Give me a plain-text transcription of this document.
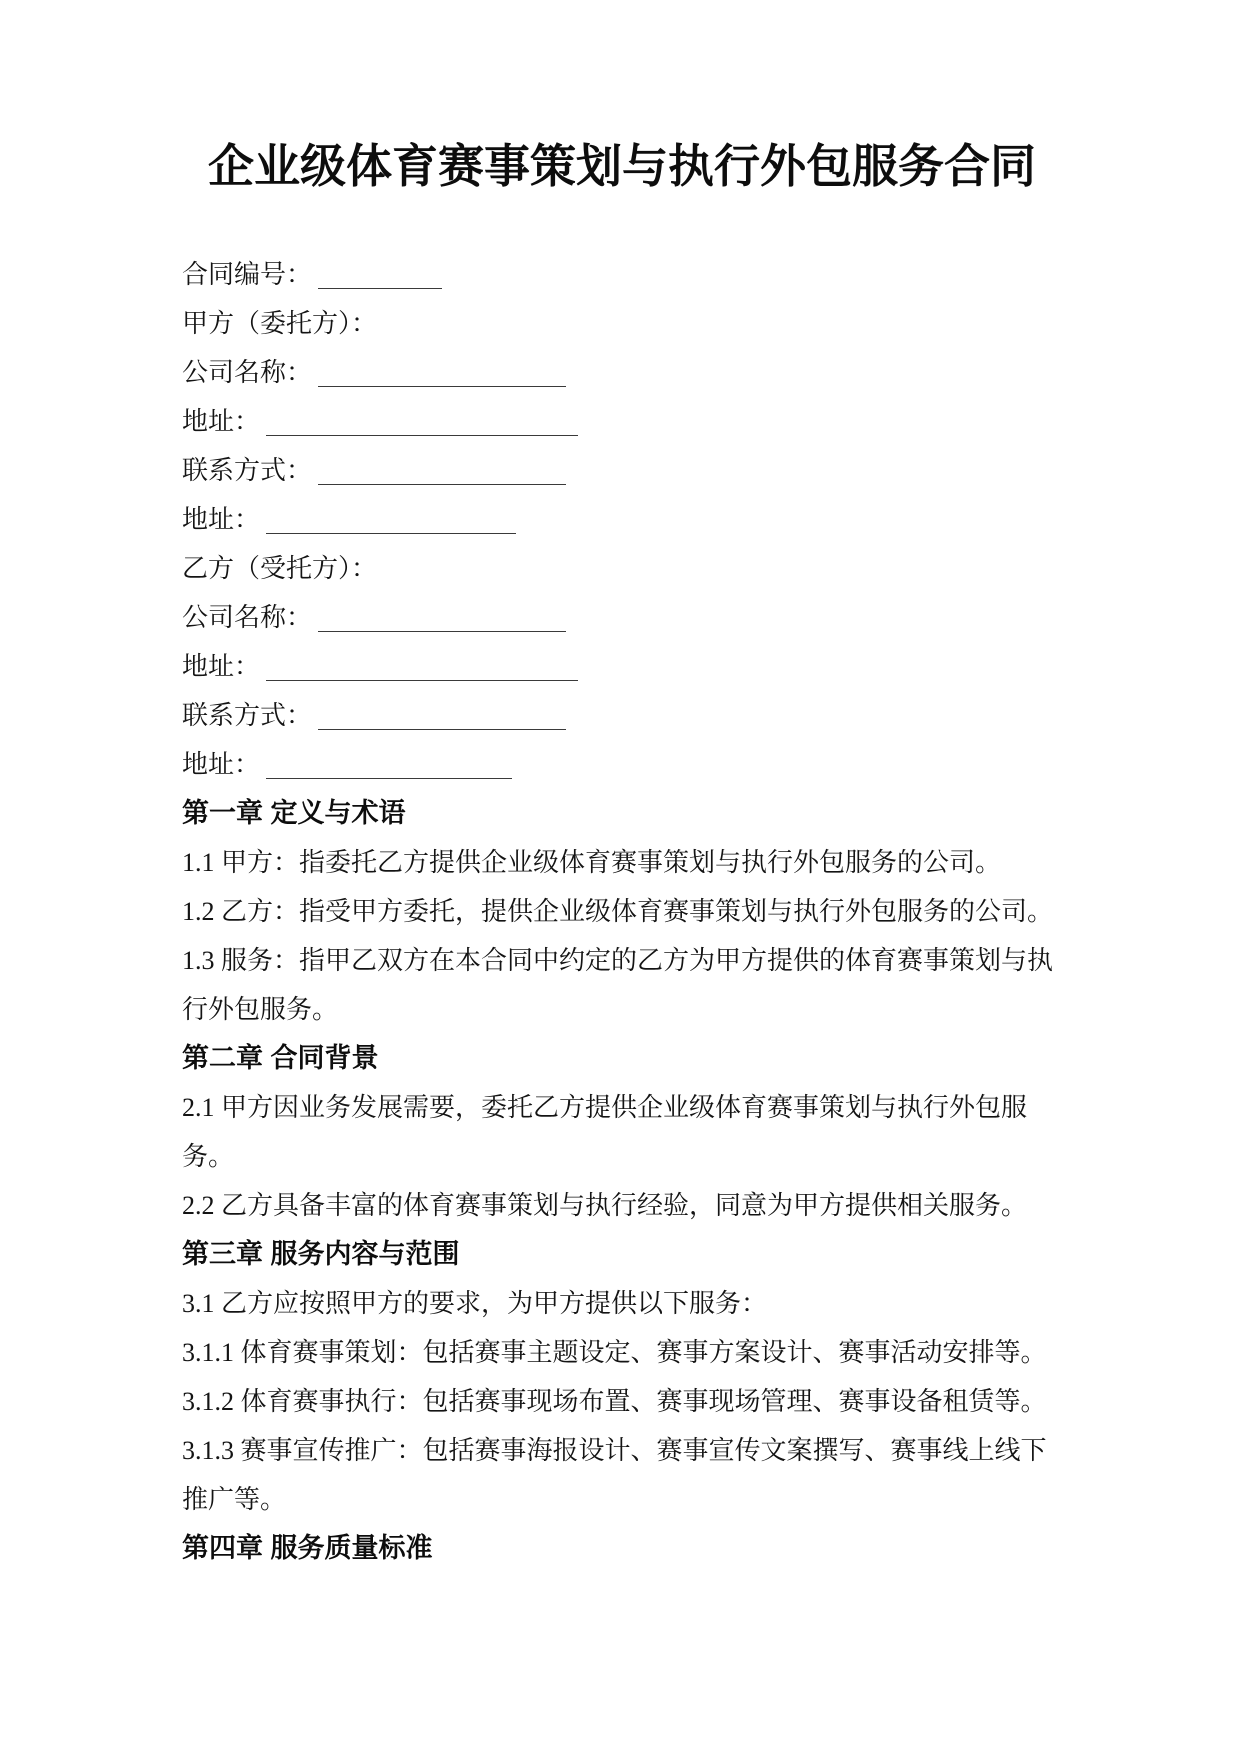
企业级体育赛事策划与执行外包服务合同
合同编号：
甲方（委托方）：
公司名称：
地址：
联系方式：
地址：
乙方（受托方）：
公司名称：
地址：
联系方式：
地址：
第一章 定义与术语

1.1 甲方：指委托乙方提供企业级体育赛事策划与执行外包服务的公司。

1.2 乙方：指受甲方委托，提供企业级体育赛事策划与执行外包服务的公司。

1.3 服务：指甲乙双方在本合同中约定的乙方为甲方提供的体育赛事策划与执行外包服务。

第二章 合同背景

2.1 甲方因业务发展需要，委托乙方提供企业级体育赛事策划与执行外包服务。

2.2 乙方具备丰富的体育赛事策划与执行经验，同意为甲方提供相关服务。

第三章 服务内容与范围

3.1 乙方应按照甲方的要求，为甲方提供以下服务：

3.1.1 体育赛事策划：包括赛事主题设定、赛事方案设计、赛事活动安排等。

3.1.2 体育赛事执行：包括赛事现场布置、赛事现场管理、赛事设备租赁等。

3.1.3 赛事宣传推广：包括赛事海报设计、赛事宣传文案撰写、赛事线上线下推广等。

第四章 服务质量标准
